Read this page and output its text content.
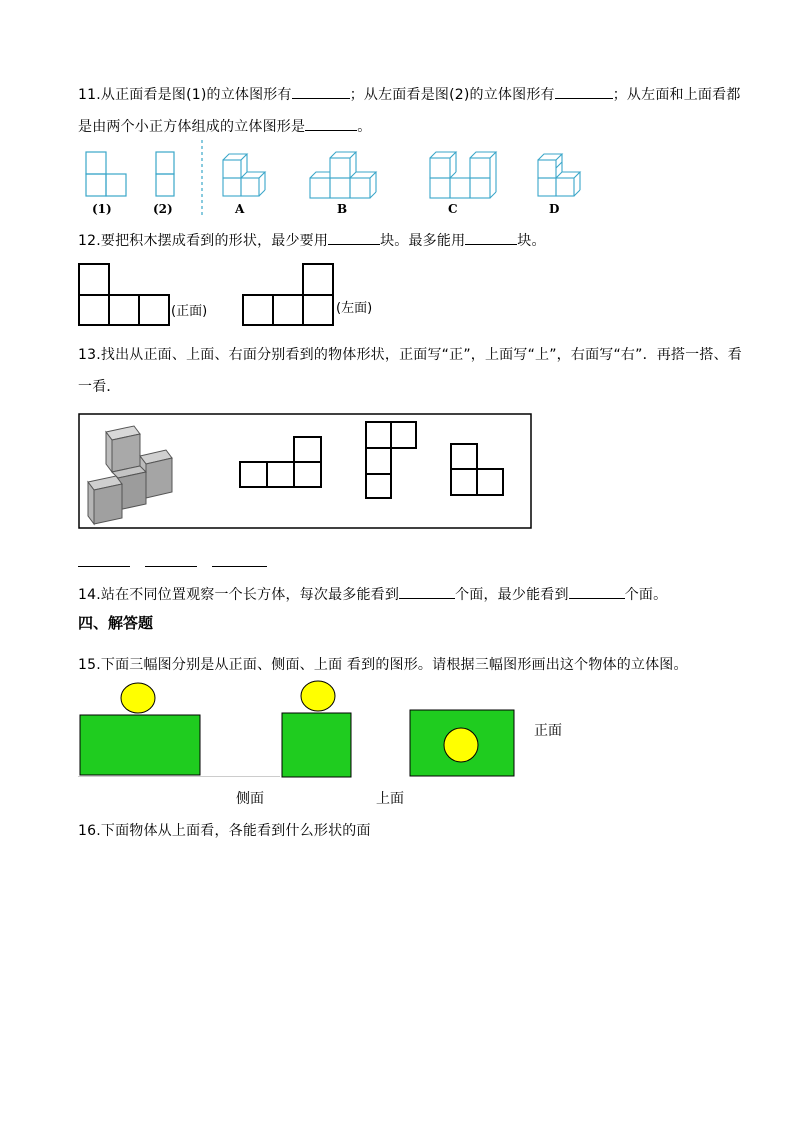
11.从正面看是图(1)的立体图形有	；从左面看是图(2)的立体图形有	；从左面和上面看都
是由两个小正方体组成的立体图形是	。
(1)	(2)	A	B	C	D
12.要把积木摆成看到的形状，最少要用	块。最多能用	块。
(正面)	(左面)
13.找出从正面、上面、右面分别看到的物体形状，正面写“正”，上面写“上”，右面写“右”．再搭一搭、看
一看．
14.站在不同位置观察一个长方体，每次最多能看到	个面，最少能看到	个面。
四、解答题
15.下面三幅图分别是从正面、侧面、上面 看到的图形。请根据三幅图形画出这个物体的立体图。
正面
侧面	上面
16.下面物体从上面看，各能看到什么形状的面
